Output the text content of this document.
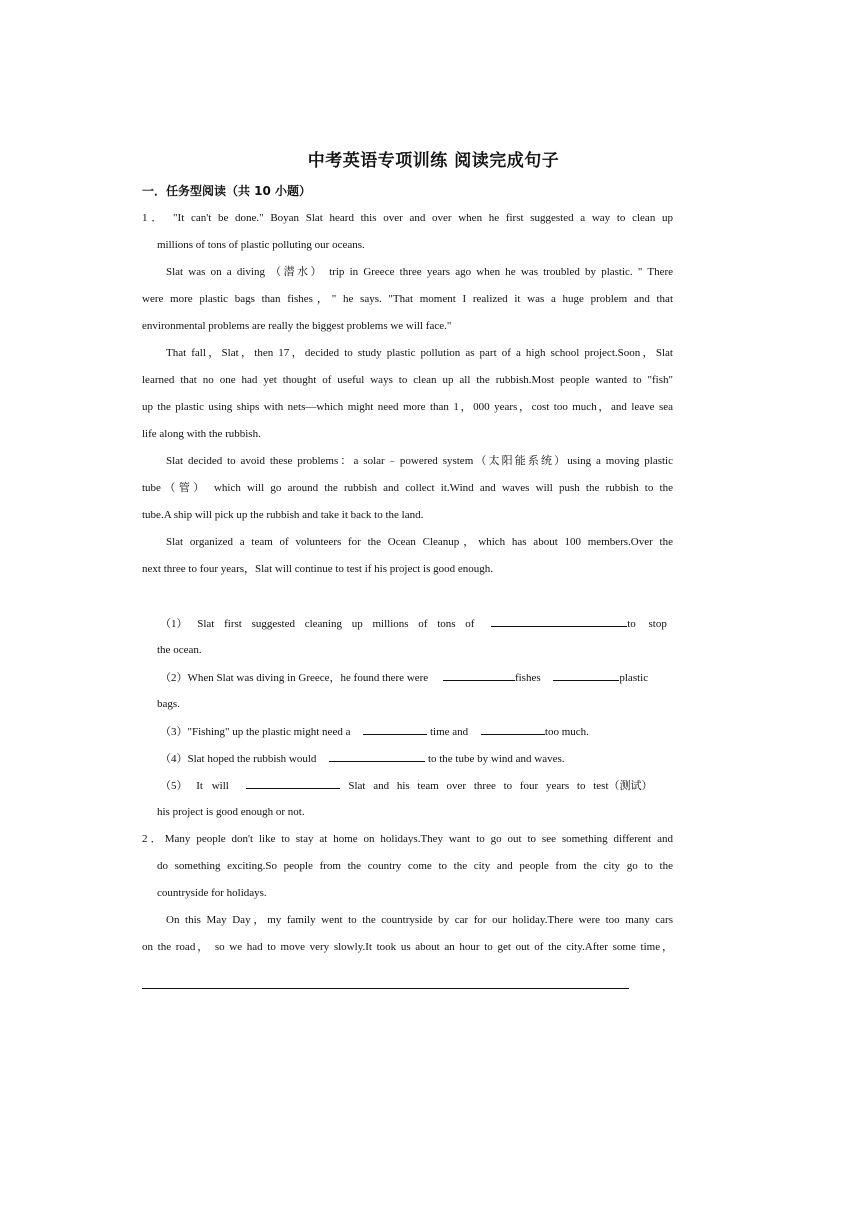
中考英语专项训练 阅读完成句子
一．任务型阅读（共 10 小题）
1． "It can't be done." Boyan Slat heard this over and over when he first suggested a way to clean up
millions of tons of plastic polluting our oceans.
Slat was on a diving （潜水） trip in Greece three years ago when he was troubled by plastic. " There
were more plastic bags than fishes，" he says. "That moment I realized it was a huge problem and that
environmental problems are really the biggest problems we will face."
That fall，Slat，then 17，decided to study plastic pollution as part of a high school project.Soon，Slat
learned that no one had yet thought of useful ways to clean up all the rubbish.Most people wanted to "fish"
up the plastic using ships with nets—which might need more than 1，000 years，cost too much，and leave sea
life along with the rubbish.
Slat decided to avoid these problems：a solar﹣powered system（太阳能系统）using a moving plastic
tube（管） which will go around the rubbish and collect it.Wind and waves will push the rubbish to the
tube.A ship will pick up the rubbish and take it back to the land.
Slat organized a team of volunteers for the Ocean Cleanup，which has about 100 members.Over the
next three to four years，Slat will continue to test if his project is good enough.
（1） Slat first suggested cleaning up millions of tons of	to stop
the ocean.
（2）When Slat was diving in Greece，he found there were	fishes	plastic
bags.
（3）"Fishing" up the plastic might need a	time and	too much.
（4）Slat hoped the rubbish would	to the tube by wind and waves.
（5） It will	Slat and his team over three to four years to test（测试）
his project is good enough or not.
2．Many people don't like to stay at home on holidays.They want to go out to see something different and
do something exciting.So people from the country come to the city and people from the city go to the
countryside for holidays.
On this May Day，my family went to the countryside by car for our holiday.There were too many cars
on the road， so we had to move very slowly.It took us about an hour to get out of the city.After some time，
